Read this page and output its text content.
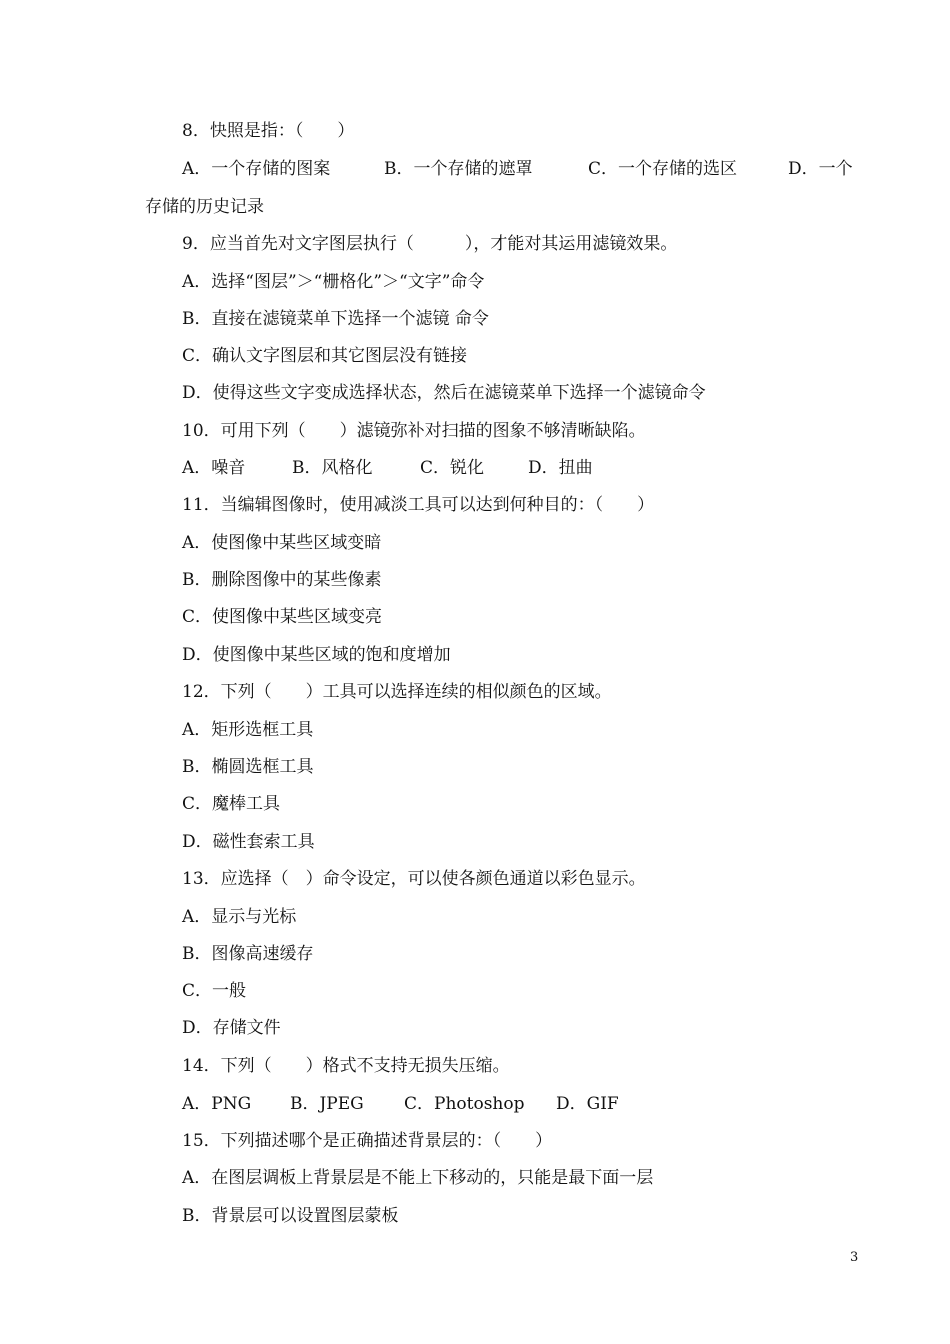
8．快照是指：（　　）
A．一个存储的图案	B．一个存储的遮罩	C．一个存储的选区	D．一个
存储的历史记录
9．应当首先对文字图层执行（　　　），才能对其运用滤镜效果。
A．选择“图层”＞“栅格化”＞“文字”命令
B．直接在滤镜菜单下选择一个滤镜 命令
C．确认文字图层和其它图层没有链接
D．使得这些文字变成选择状态，然后在滤镜菜单下选择一个滤镜命令
10．可用下列（　　）滤镜弥补对扫描的图象不够清晰缺陷。
A．噪音	B．风格化	C．锐化	D．扭曲
11．当编辑图像时，使用减淡工具可以达到何种目的：（　　）
A．使图像中某些区域变暗
B．删除图像中的某些像素
C．使图像中某些区域变亮
D．使图像中某些区域的饱和度增加
12．下列（　　）工具可以选择连续的相似颜色的区域。
A．矩形选框工具
B．椭圆选框工具
C．魔棒工具
D．磁性套索工具
13．应选择（　）命令设定，可以使各颜色通道以彩色显示。
A．显示与光标
B．图像高速缓存
C．一般
D．存储文件
14．下列（　　）格式不支持无损失压缩。
A．PNG B．JPEG C．Photoshop D．GIF
15．下列描述哪个是正确描述背景层的：（　　）
A．在图层调板上背景层是不能上下移动的，只能是最下面一层
B．背景层可以设置图层蒙板
3
